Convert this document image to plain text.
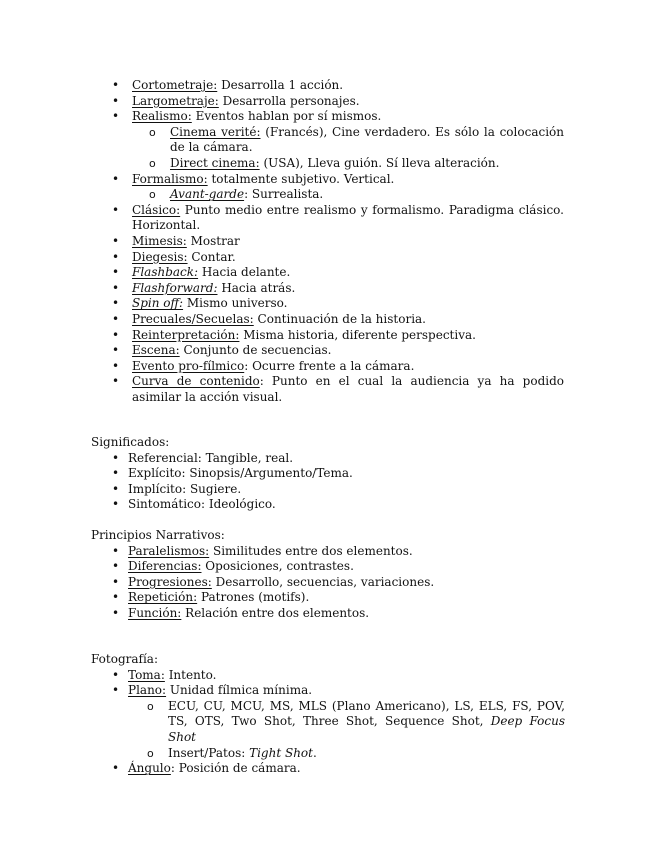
• Cortometraje: Desarrolla 1 acción.
• Largometraje: Desarrolla personajes.
• Realismo: Eventos hablan por sí mismos.
o Cinema verité: (Francés), Cine verdadero. Es sólo la colocación de la cámara.
o Direct cinema: (USA), Lleva guión. Sí lleva alteración.
• Formalismo: totalmente subjetivo. Vertical.
o Avant-garde: Surrealista.
• Clásico: Punto medio entre realismo y formalismo. Paradigma clásico. Horizontal.
• Mimesis: Mostrar
• Diegesis: Contar.
• Flashback: Hacia delante.
• Flashforward: Hacia atrás.
• Spin off: Mismo universo.
• Precuales/Secuelas: Continuación de la historia.
• Reinterpretación: Misma historia, diferente perspectiva.
• Escena: Conjunto de secuencias.
• Evento pro-fílmico: Ocurre frente a la cámara.
• Curva de contenido: Punto en el cual la audiencia ya ha podido asimilar la acción visual.

Significados:

• Referencial: Tangible, real.
• Explícito: Sinopsis/Argumento/Tema.
• Implícito: Sugiere.
• Sintomático: Ideológico.

Principios Narrativos:

• Paralelismos: Similitudes entre dos elementos.
• Diferencias: Oposiciones, contrastes.
• Progresiones: Desarrollo, secuencias, variaciones.
• Repetición: Patrones (motifs).
• Función: Relación entre dos elementos.

Fotografía:

• Toma: Intento.
• Plano: Unidad fílmica mínima.
o ECU, CU, MCU, MS, MLS (Plano Americano), LS, ELS, FS, POV, TS, OTS, Two Shot, Three Shot, Sequence Shot, Deep Focus Shot
o Insert/Patos: Tight Shot.
• Ángulo: Posición de cámara.
